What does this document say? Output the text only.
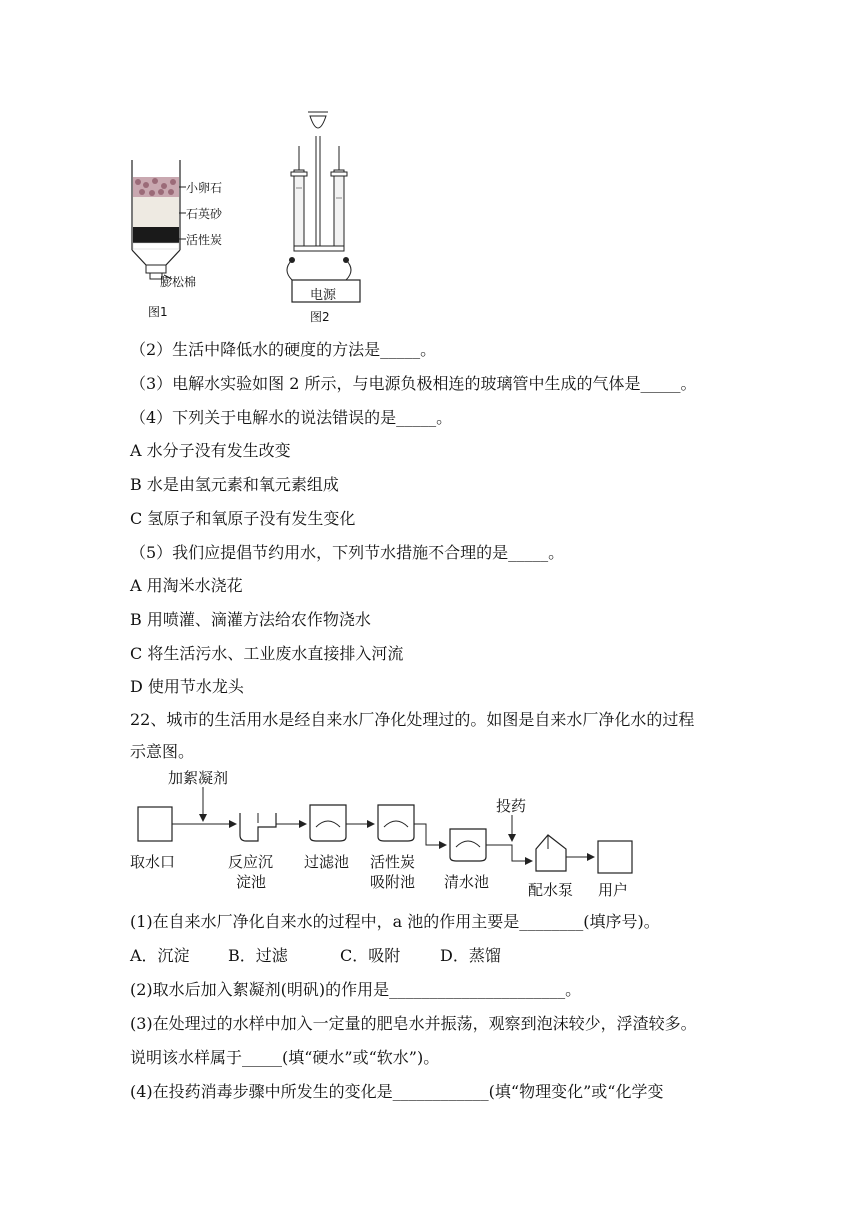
小卵石
石英砂
活性炭
膨松棉
图1
电源
图2
（2）生活中降低水的硬度的方法是_____。
（3）电解水实验如图 2 所示，与电源负极相连的玻璃管中生成的气体是_____。
（4）下列关于电解水的说法错误的是_____。
A 水分子没有发生改变
B 水是由氢元素和氧元素组成
C 氢原子和氧原子没有发生变化
（5）我们应提倡节约用水，下列节水措施不合理的是_____。
A 用淘米水浇花
B 用喷灌、滴灌方法给农作物浇水
C 将生活污水、工业废水直接排入河流
D 使用节水龙头
22、城市的生活用水是经自来水厂净化处理过的。如图是自来水厂净化水的过程
示意图。
加絮凝剂
投药
取水口	反应沉
淀池
过滤池 活性炭
吸附池 清水池	配水泵 用户
(1)在自来水厂净化自来水的过程中，a 池的作用主要是________(填序号)。
A．沉淀 B．过滤	C．吸附 D．蒸馏
(2)取水后加入絮凝剂(明矾)的作用是______________________。
(3)在处理过的水样中加入一定量的肥皂水并振荡，观察到泡沫较少，浮渣较多。
说明该水样属于_____(填“硬水”或“软水”)。
(4)在投药消毒步骤中所发生的变化是____________(填“物理变化”或“化学变
